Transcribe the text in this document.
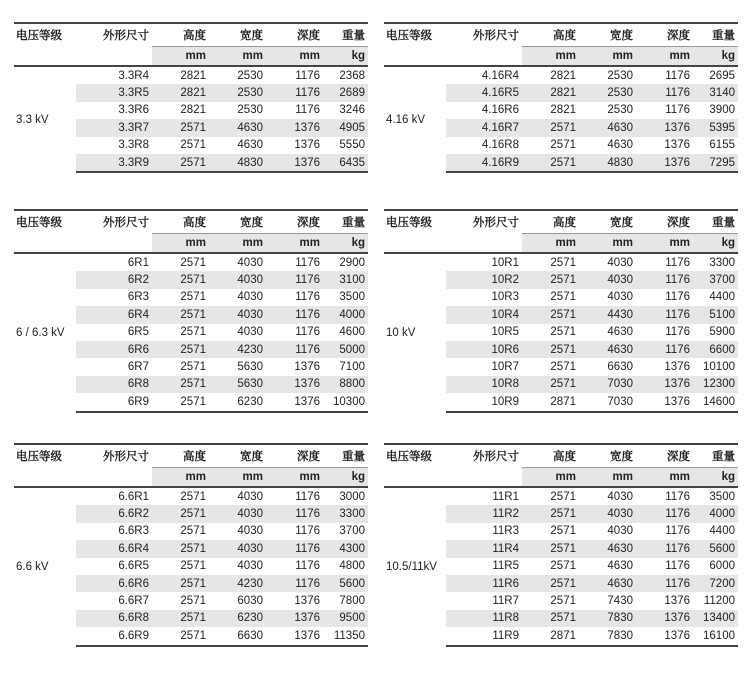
电压等级	外形尺寸	高度	宽度	深度	重量
		mm	mm	mm	kg
3.3 kV	3.3R4	2821	2530	1176	2368
	3.3R5	2821	2530	1176	2689
	3.3R6	2821	2530	1176	3246
	3.3R7	2571	4630	1376	4905
	3.3R8	2571	4630	1376	5550
	3.3R9	2571	4830	1376	6435
电压等级	外形尺寸	高度	宽度	深度	重量
		mm	mm	mm	kg
4.16 kV	4.16R4	2821	2530	1176	2695
	4.16R5	2821	2530	1176	3140
	4.16R6	2821	2530	1176	3900
	4.16R7	2571	4630	1376	5395
	4.16R8	2571	4630	1376	6155
	4.16R9	2571	4830	1376	7295
电压等级	外形尺寸	高度	宽度	深度	重量
		mm	mm	mm	kg
6 / 6.3 kV	6R1	2571	4030	1176	2900
	6R2	2571	4030	1176	3100
	6R3	2571	4030	1176	3500
	6R4	2571	4030	1176	4000
	6R5	2571	4030	1176	4600
	6R6	2571	4230	1176	5000
	6R7	2571	5630	1376	7100
	6R8	2571	5630	1376	8800
	6R9	2571	6230	1376	10300
电压等级	外形尺寸	高度	宽度	深度	重量
		mm	mm	mm	kg
10 kV	10R1	2571	4030	1176	3300
	10R2	2571	4030	1176	3700
	10R3	2571	4030	1176	4400
	10R4	2571	4430	1176	5100
	10R5	2571	4630	1176	5900
	10R6	2571	4630	1176	6600
	10R7	2571	6630	1376	10100
	10R8	2571	7030	1376	12300
	10R9	2871	7030	1376	14600
电压等级	外形尺寸	高度	宽度	深度	重量
		mm	mm	mm	kg
6.6 kV	6.6R1	2571	4030	1176	3000
	6.6R2	2571	4030	1176	3300
	6.6R3	2571	4030	1176	3700
	6.6R4	2571	4030	1176	4300
	6.6R5	2571	4030	1176	4800
	6.6R6	2571	4230	1176	5600
	6.6R7	2571	6030	1376	7800
	6.6R8	2571	6230	1376	9500
	6.6R9	2571	6630	1376	11350
电压等级	外形尺寸	高度	宽度	深度	重量
		mm	mm	mm	kg
10.5/11kV	11R1	2571	4030	1176	3500
	11R2	2571	4030	1176	4000
	11R3	2571	4030	1176	4400
	11R4	2571	4630	1176	5600
	11R5	2571	4630	1176	6000
	11R6	2571	4630	1176	7200
	11R7	2571	7430	1376	11200
	11R8	2571	7830	1376	13400
	11R9	2871	7830	1376	16100
